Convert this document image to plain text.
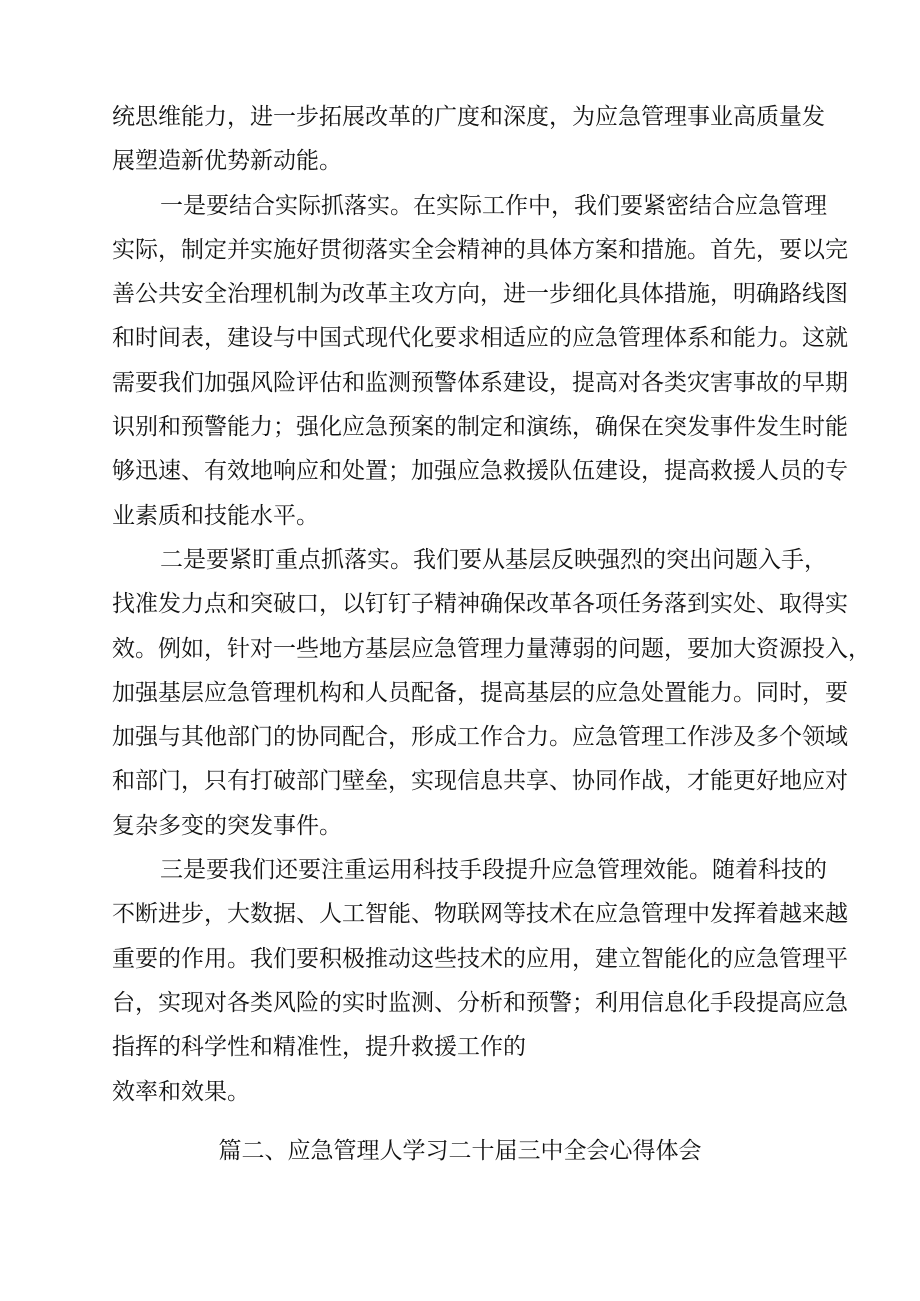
统思维能力，进一步拓展改革的广度和深度，为应急管理事业高质量发
展塑造新优势新动能。
一是要结合实际抓落实。在实际工作中，我们要紧密结合应急管理
实际，制定并实施好贯彻落实全会精神的具体方案和措施。首先，要以完
善公共安全治理机制为改革主攻方向，进一步细化具体措施，明确路线图
和时间表，建设与中国式现代化要求相适应的应急管理体系和能力。这就
需要我们加强风险评估和监测预警体系建设，提高对各类灾害事故的早期
识别和预警能力；强化应急预案的制定和演练，确保在突发事件发生时能
够迅速、有效地响应和处置；加强应急救援队伍建设，提高救援人员的专
业素质和技能水平。
二是要紧盯重点抓落实。我们要从基层反映强烈的突出问题入手，
找准发力点和突破口，以钉钉子精神确保改革各项任务落到实处、取得实
效。例如，针对一些地方基层应急管理力量薄弱的问题，要加大资源投入，
加强基层应急管理机构和人员配备，提高基层的应急处置能力。同时，要
加强与其他部门的协同配合，形成工作合力。应急管理工作涉及多个领域
和部门，只有打破部门壁垒，实现信息共享、协同作战，才能更好地应对
复杂多变的突发事件。
三是要我们还要注重运用科技手段提升应急管理效能。随着科技的
不断进步，大数据、人工智能、物联网等技术在应急管理中发挥着越来越
重要的作用。我们要积极推动这些技术的应用，建立智能化的应急管理平
台，实现对各类风险的实时监测、分析和预警；利用信息化手段提高应急
指挥的科学性和精准性，提升救援工作的
效率和效果。
篇二、应急管理人学习二十届三中全会心得体会
